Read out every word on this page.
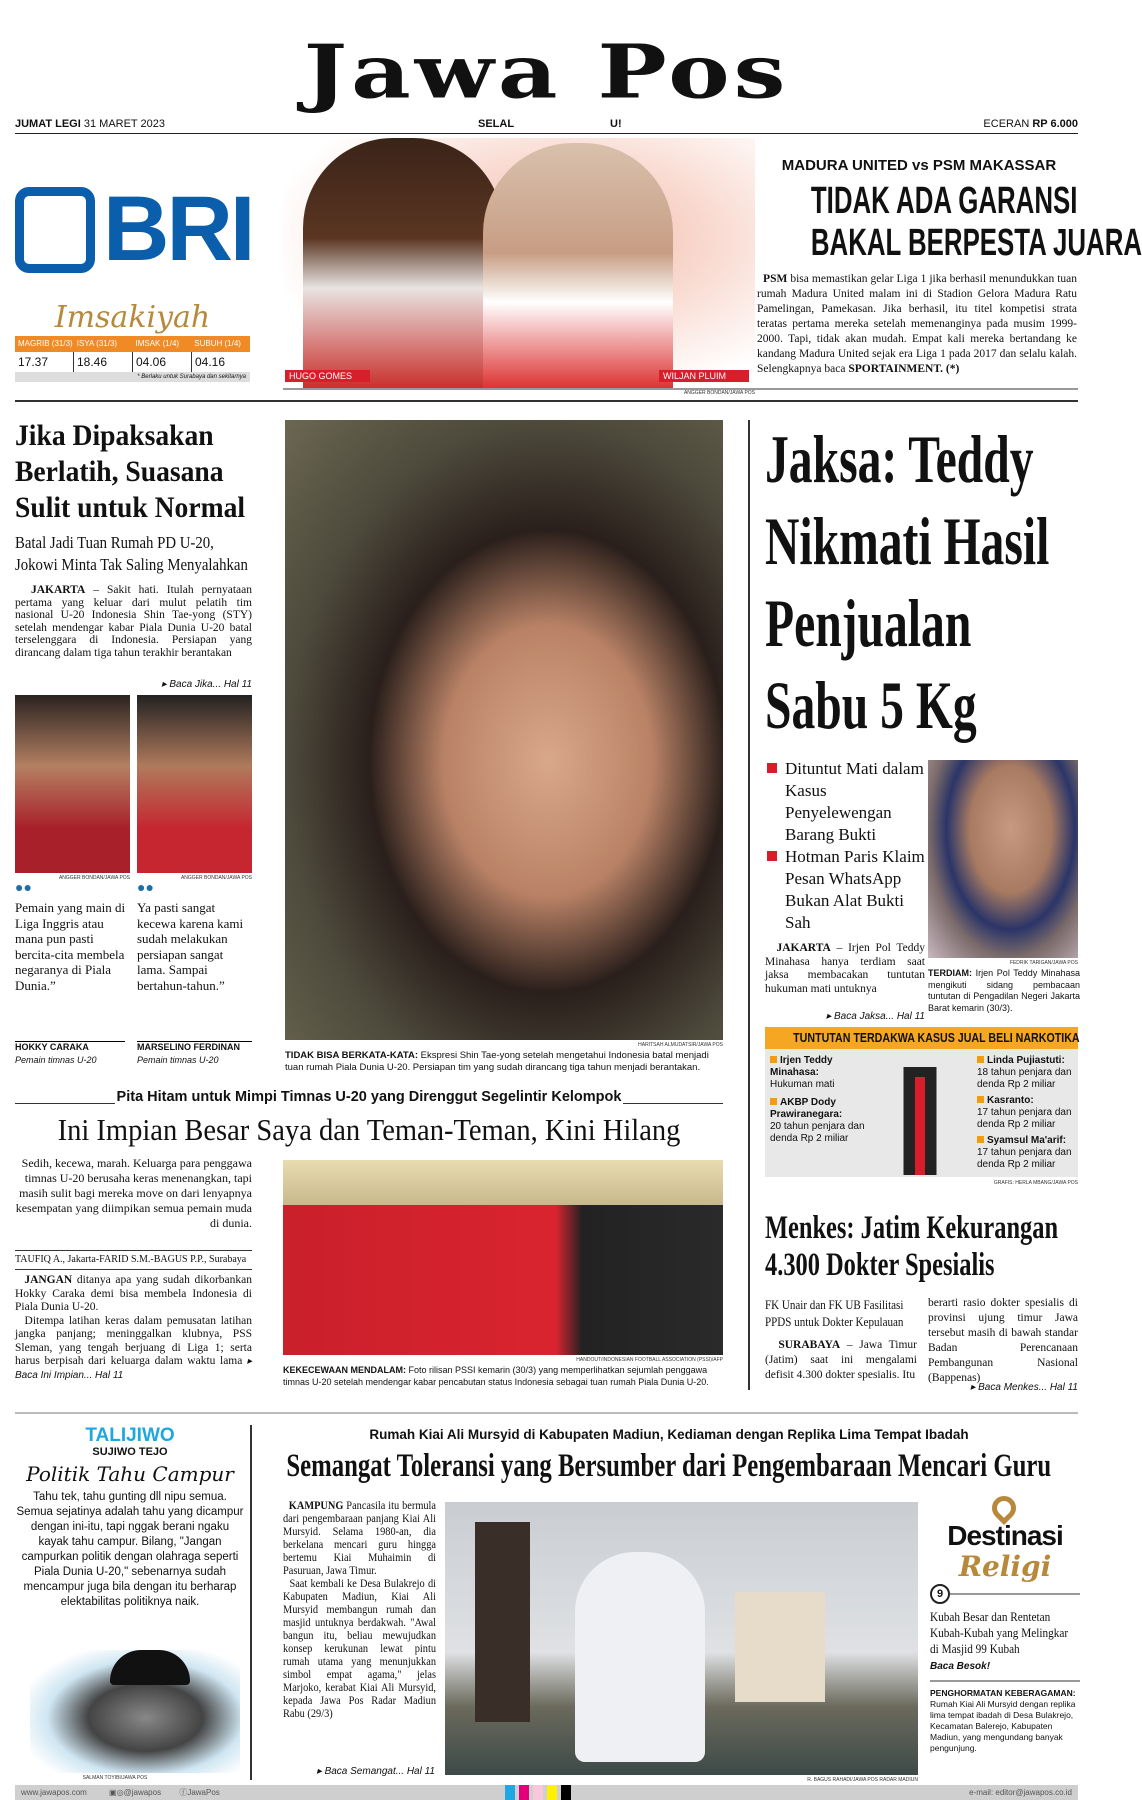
Jawa Pos
JUMAT LEGI 31 MARET 2023	SELAL	U!	ECERAN RP 6.000
BRI
Imsakiyah
MAGRIB (31/3) ISYA (31/3)	IMSAK (1/4)	SUBUH (1/4)
17.37	18.46	04.06	04.16
* Berlaku untuk Surabaya dan sekitarnya	HUGO GOMES	WILJAN PLUIM
ANGGER BONDAN/JAWA POS
MADURA UNITED vs PSM MAKASSAR
TIDAK ADA GARANSI
BAKAL BERPESTA JUARA
PSM bisa memastikan gelar Liga 1 jika berhasil menundukkan tuan rumah Madura United malam ini di Stadion Gelora Madura Ratu Pamelingan, Pamekasan. Jika berhasil, itu titel kompetisi strata teratas pertama mereka setelah memenanginya pada musim 1999-2000. Tapi, tidak akan mudah. Empat kali mereka bertandang ke kandang Madura United sejak era Liga 1 pada 2017 dan selalu kalah. Selengkapnya baca SPORTAINMENT. (*)
Jika Dipaksakan Berlatih, Suasana Sulit untuk Normal
Batal Jadi Tuan Rumah PD U-20, Jokowi Minta Tak Saling Menyalahkan
JAKARTA – Sakit hati. Itulah pernyataan pertama yang keluar dari mulut pelatih tim nasional U-20 Indonesia Shin Tae-yong (STY) setelah mendengar kabar Piala Dunia U-20 batal terselenggara di Indonesia. Persiapan yang dirancang dalam tiga tahun terakhir berantakan
▸ Baca Jika... Hal 11
ANGGER BONDAN/JAWA POS	ANGGER BONDAN/JAWA POS
●●	●●
Pemain yang main di Liga Inggris atau mana pun pasti bercita-cita membela negaranya di Piala Dunia.”
Ya pasti sangat kecewa karena kami sudah melakukan persiapan sangat lama. Sampai bertahun-tahun.”
HOKKY CARAKA	MARSELINO FERDINAN
Pemain timnas U-20	Pemain timnas U-20
HARITSAH ALMUDATSIR/JAWA POS
TIDAK BISA BERKATA-KATA: Ekspresi Shin Tae-yong setelah mengetahui Indonesia batal menjadi tuan rumah Piala Dunia U-20. Persiapan tim yang sudah dirancang tiga tahun menjadi berantakan.
Jaksa: Teddy Nikmati Hasil Penjualan Sabu 5 Kg
Dituntut Mati dalam Kasus Penyelewengan Barang Bukti
Hotman Paris Klaim Pesan WhatsApp Bukan Alat Bukti Sah
JAKARTA – Irjen Pol Teddy Minahasa hanya terdiam saat jaksa membacakan tuntutan hukuman mati untuknya
▸ Baca Jaksa... Hal 11
FEDRIK TARIGAN/JAWA POS
TERDIAM: Irjen Pol Teddy Minahasa mengikuti sidang pembacaan tuntutan di Pengadilan Negeri Jakarta Barat kemarin (30/3).
TUNTUTAN TERDAKWA KASUS JUAL BELI NARKOTIKA
Irjen Teddy Minahasa:
Hukuman mati
AKBP Dody Prawiranegara:
20 tahun penjara dan denda Rp 2 miliar
Linda Pujiastuti:
18 tahun penjara dan denda Rp 2 miliar
Kasranto:
17 tahun penjara dan denda Rp 2 miliar
Syamsul Ma'arif:
17 tahun penjara dan denda Rp 2 miliar
GRAFIS: HERLA MBANG/JAWA POS
Menkes: Jatim Kekurangan 4.300 Dokter Spesialis
FK Unair dan FK UB Fasilitasi PPDS untuk Dokter Kepulauan
SURABAYA – Jawa Timur (Jatim) saat ini mengalami defisit 4.300 dokter spesialis. Itu
berarti rasio dokter spesialis di provinsi ujung timur Jawa tersebut masih di bawah standar Badan Perencanaan Pembangunan Nasional (Bappenas)
▸ Baca Menkes... Hal 11
Pita Hitam untuk Mimpi Timnas U-20 yang Direnggut Segelintir Kelompok
Ini Impian Besar Saya dan Teman-Teman, Kini Hilang
Sedih, kecewa, marah. Keluarga para penggawa timnas U-20 berusaha keras menenangkan, tapi masih sulit bagi mereka move on dari lenyapnya kesempatan yang diimpikan semua pemain muda di dunia.
TAUFIQ A., Jakarta-FARID S.M.-BAGUS P.P., Surabaya
JANGAN ditanya apa yang sudah dikorbankan Hokky Caraka demi bisa membela Indonesia di Piala Dunia U-20.
Ditempa latihan keras dalam pemusatan latihan jangka panjang; meninggalkan klubnya, PSS Sleman, yang tengah berjuang di Liga 1; serta harus berpisah dari keluarga dalam waktu lama ▸ Baca Ini Impian... Hal 11
HANDOUT/INDONESIAN FOOTBALL ASSOCIATION (PSSI)/AFP
KEKECEWAAN MENDALAM: Foto rilisan PSSI kemarin (30/3) yang memperlihatkan sejumlah penggawa timnas U-20 setelah mendengar kabar pencabutan status Indonesia sebagai tuan rumah Piala Dunia U-20.
TALIJIWO
SUJIWO TEJO
Politik Tahu Campur
Tahu tek, tahu gunting dll nipu semua. Semua sejatinya adalah tahu yang dicampur dengan ini-itu, tapi nggak berani ngaku kayak tahu campur. Bilang, "Jangan campurkan politik dengan olahraga seperti Piala Dunia U-20," sebenarnya sudah mencampur juga bila dengan itu berharap elektabilitas politiknya naik.
SALMAN TOYIBI/JAWA POS
Rumah Kiai Ali Mursyid di Kabupaten Madiun, Kediaman dengan Replika Lima Tempat Ibadah
Semangat Toleransi yang Bersumber dari Pengembaraan Mencari Guru
KAMPUNG Pancasila itu bermula dari pengembaraan panjang Kiai Ali Mursyid. Selama 1980-an, dia berkelana mencari guru hingga bertemu Kiai Muhaimin di Pasuruan, Jawa Timur.
Saat kembali ke Desa Bulakrejo di Kabupaten Madiun, Kiai Ali Mursyid membangun rumah dan masjid untuknya berdakwah. "Awal bangun itu, beliau mewujudkan konsep kerukunan lewat pintu rumah utama yang menunjukkan simbol empat agama," jelas Marjoko, kerabat Kiai Ali Mursyid, kepada Jawa Pos Radar Madiun Rabu (29/3)
▸ Baca Semangat... Hal 11
R. BAGUS RAHADI/JAWA POS RADAR MADIUN
Destinasi
Religi
9
Kubah Besar dan Rentetan Kubah-Kubah yang Melingkar di Masjid 99 Kubah
Baca Besok!
PENGHORMATAN KEBERAGAMAN:
Rumah Kiai Ali Mursyid dengan replika lima tempat ibadah di Desa Bulakrejo, Kecamatan Balerejo, Kabupaten Madiun, yang mengundang banyak pengunjung.
www.jawapos.com	▣◎@jawapos ⓕJawaPos	e-mail: editor@jawapos.co.id
